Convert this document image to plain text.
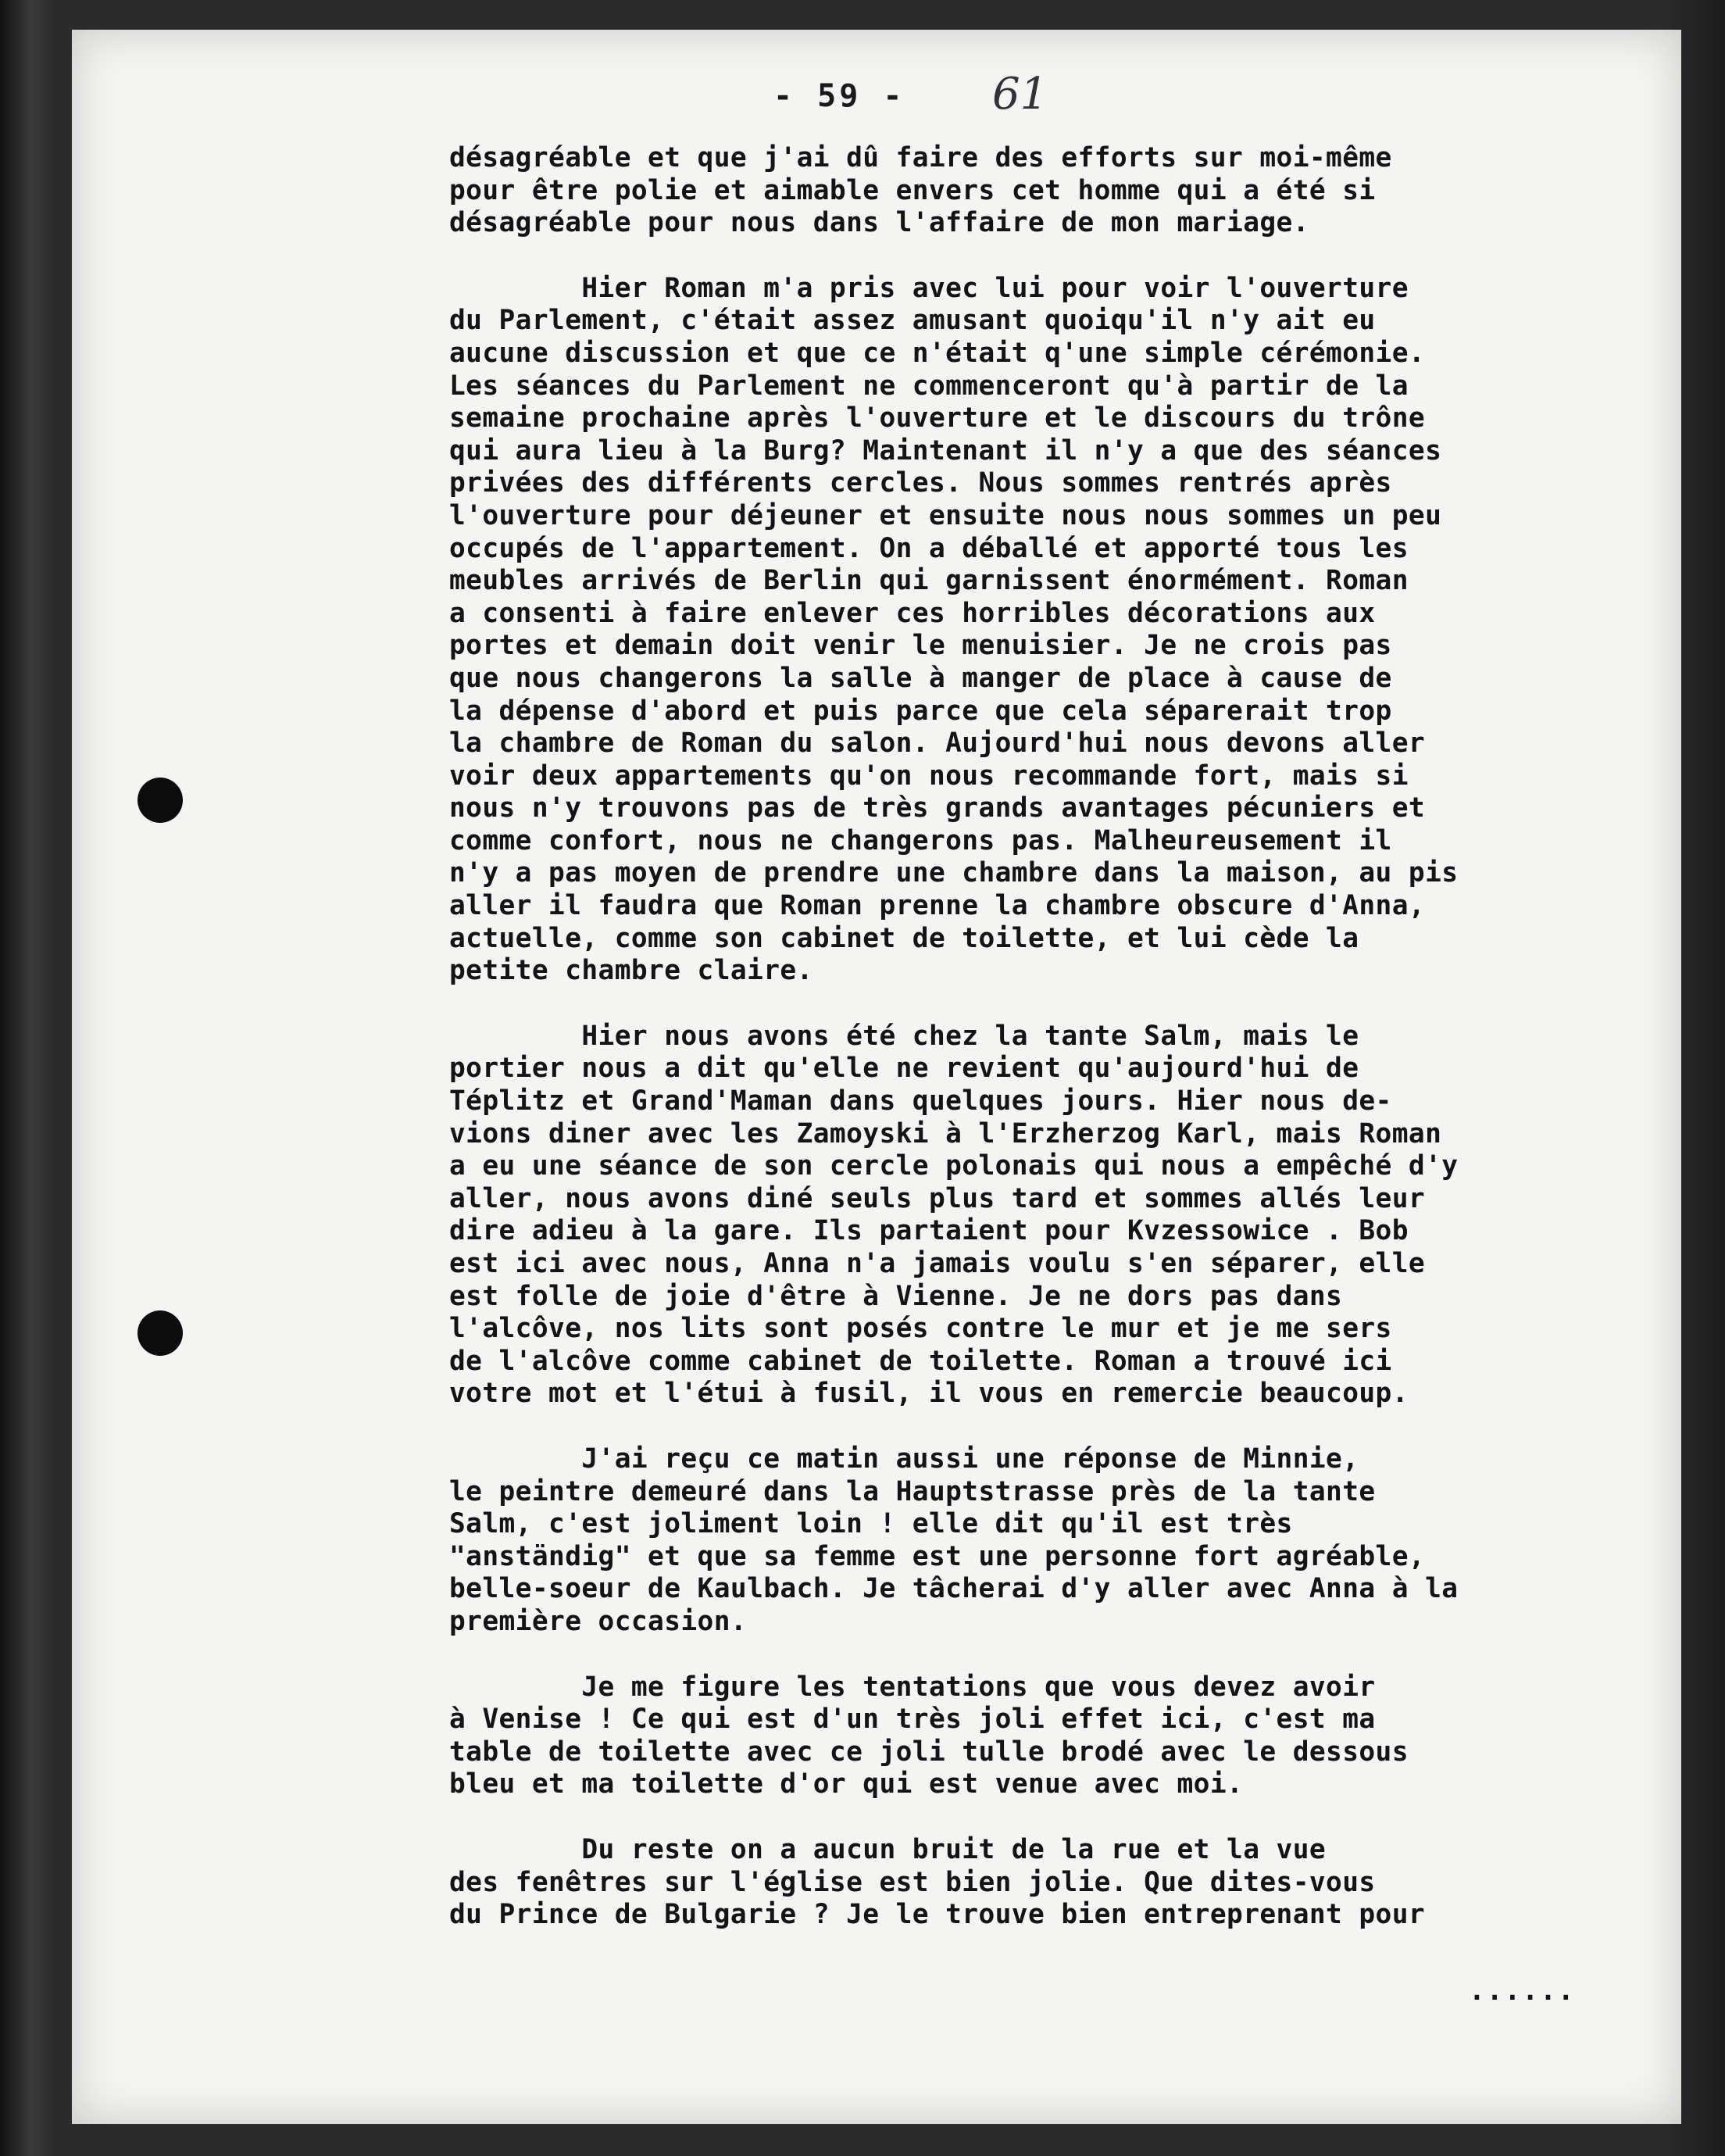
- 59 - 61

désagréable et que j'ai dû faire des efforts sur moi-même
pour être polie et aimable envers cet homme qui a été si
désagréable pour nous dans l'affaire de mon mariage.

Hier Roman m'a pris avec lui pour voir l'ouverture
du Parlement, c'était assez amusant quoiqu'il n'y ait eu
aucune discussion et que ce n'était q'une simple cérémonie.
Les séances du Parlement ne commenceront qu'à partir de la
semaine prochaine après l'ouverture et le discours du trône
qui aura lieu à la Burg? Maintenant il n'y a que des séances
privées des différents cercles. Nous sommes rentrés après
l'ouverture pour déjeuner et ensuite nous nous sommes un peu
occupés de l'appartement. On a déballé et apporté tous les
meubles arrivés de Berlin qui garnissent énormément. Roman
a consenti à faire enlever ces horribles décorations aux
portes et demain doit venir le menuisier. Je ne crois pas
que nous changerons la salle à manger de place à cause de
la dépense d'abord et puis parce que cela séparerait trop
la chambre de Roman du salon. Aujourd'hui nous devons aller
voir deux appartements qu'on nous recommande fort, mais si
nous n'y trouvons pas de très grands avantages pécuniers et
comme confort, nous ne changerons pas. Malheureusement il
n'y a pas moyen de prendre une chambre dans la maison, au pis
aller il faudra que Roman prenne la chambre obscure d'Anna,
actuelle, comme son cabinet de toilette, et lui cède la
petite chambre claire.

Hier nous avons été chez la tante Salm, mais le
portier nous a dit qu'elle ne revient qu'aujourd'hui de
Téplitz et Grand'Maman dans quelques jours. Hier nous de-
vions diner avec les Zamoyski à l'Erzherzog Karl, mais Roman
a eu une séance de son cercle polonais qui nous a empêché d'y
aller, nous avons diné seuls plus tard et sommes allés leur
dire adieu à la gare. Ils partaient pour Kvzessowice . Bob
est ici avec nous, Anna n'a jamais voulu s'en séparer, elle
est folle de joie d'être à Vienne. Je ne dors pas dans
l'alcôve, nos lits sont posés contre le mur et je me sers
de l'alcôve comme cabinet de toilette. Roman a trouvé ici
votre mot et l'étui à fusil, il vous en remercie beaucoup.

J'ai reçu ce matin aussi une réponse de Minnie,
le peintre demeuré dans la Hauptstrasse près de la tante
Salm, c'est joliment loin ! elle dit qu'il est très
"anständig" et que sa femme est une personne fort agréable,
belle-soeur de Kaulbach. Je tâcherai d'y aller avec Anna à la
première occasion.

Je me figure les tentations que vous devez avoir
à Venise ! Ce qui est d'un très joli effet ici, c'est ma
table de toilette avec ce joli tulle brodé avec le dessous
bleu et ma toilette d'or qui est venue avec moi.

Du reste on a aucun bruit de la rue et la vue
des fenêtres sur l'église est bien jolie. Que dites-vous
du Prince de Bulgarie ? Je le trouve bien entreprenant pour

......
